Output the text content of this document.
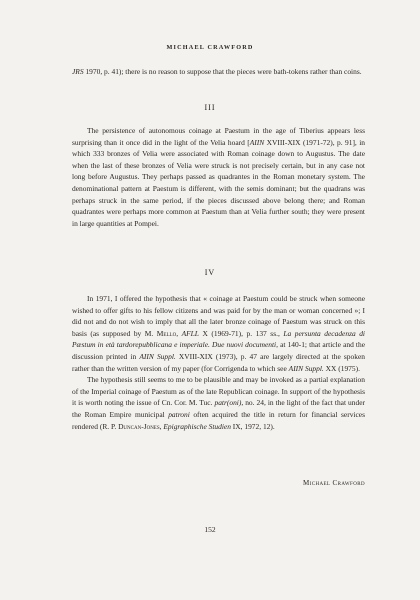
MICHAEL CRAWFORD

JRS 1970, p. 41); there is no reason to suppose that the pieces were bath-tokens rather than coins.

III

The persistence of autonomous coinage at Paestum in the age of Tiberius appears less surprising than it once did in the light of the Velia hoard [AIIN XVIII-XIX (1971-72), p. 91], in which 333 bronzes of Velia were associated with Roman coinage down to Augustus. The date when the last of these bronzes of Velia were struck is not precisely certain, but in any case not long before Augustus. They perhaps passed as quadrantes in the Roman monetary system. The denominational pattern at Paestum is different, with the semis dominant; but the quadrans was perhaps struck in the same period, if the pieces discussed above belong there; and Roman quadrantes were perhaps more common at Paestum than at Velia further south; they were present in large quantities at Pompei.

IV

In 1971, I offered the hypothesis that « coinage at Paestum could be struck when someone wished to offer gifts to his fellow citizens and was paid for by the man or woman concerned »; I did not and do not wish to imply that all the later bronze coinage of Paestum was struck on this basis (as supposed by M. Mello, AFLL X (1969-71), p. 137 ss., La persunta decadenza di Pæstum in età tardorepubblicana e imperiale. Due nuovi documenti, at 140-1; that article and the discussion printed in AIIN Suppl. XVIII-XIX (1973), p. 47 are largely directed at the spoken rather than the written version of my paper (for Corrigenda to which see AIIN Suppl. XX (1975).

The hypothesis still seems to me to be plausible and may be invoked as a partial explanation of the Imperial coinage of Paestum as of the late Republican coinage. In support of the hypothesis it is worth noting the issue of Cn. Cor. M. Tuc. patr(oni), no. 24, in the light of the fact that under the Roman Empire municipal patroni often acquired the title in return for financial services rendered (R. P. Duncan-Jones, Epigraphische Studien IX, 1972, 12).

Michael Crawford
152
